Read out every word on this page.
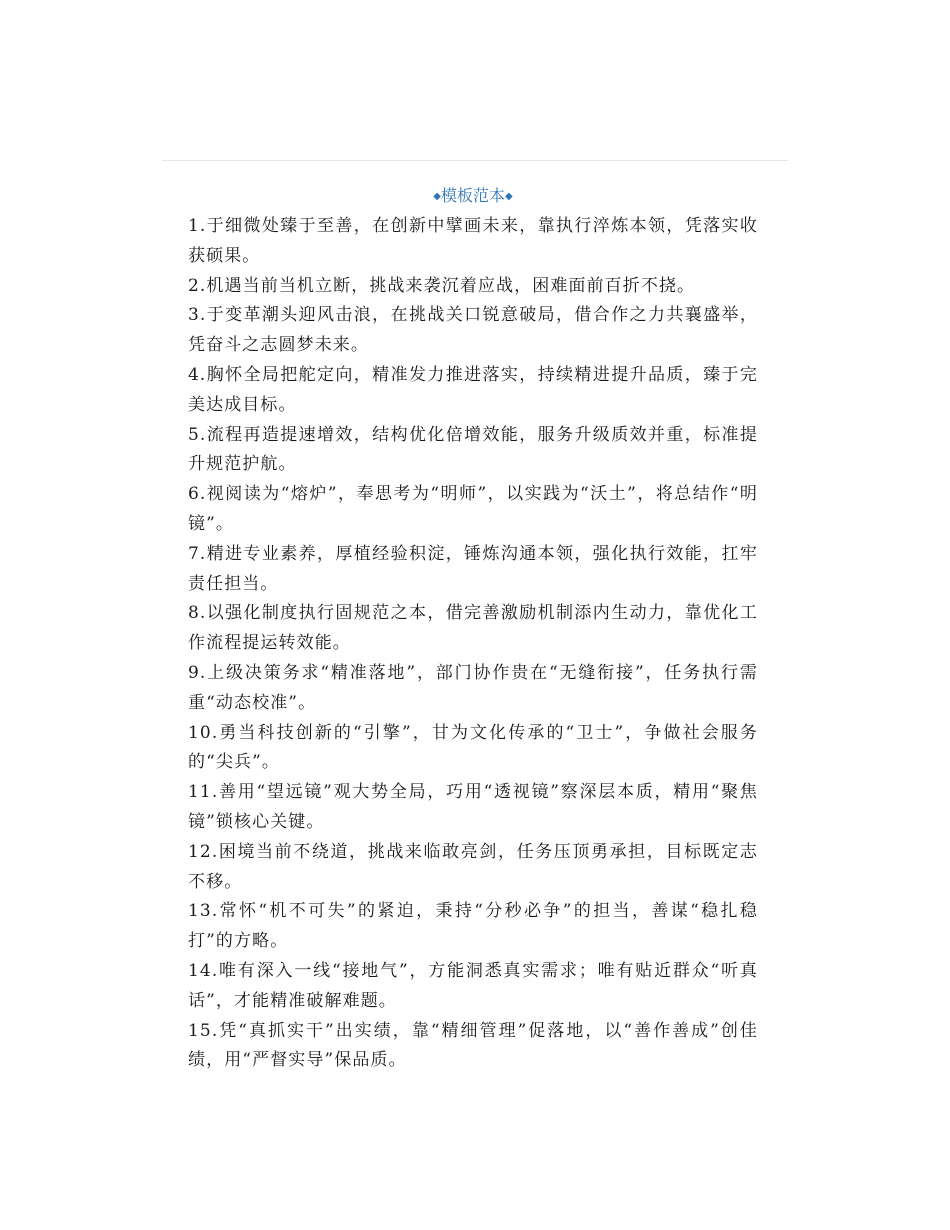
◆模板范本◆

1.于细微处臻于至善，在创新中擘画未来，靠执行淬炼本领，凭落实收获硕果。

2.机遇当前当机立断，挑战来袭沉着应战，困难面前百折不挠。

3.于变革潮头迎风击浪，在挑战关口锐意破局，借合作之力共襄盛举，凭奋斗之志圆梦未来。

4.胸怀全局把舵定向，精准发力推进落实，持续精进提升品质，臻于完美达成目标。

5.流程再造提速增效，结构优化倍增效能，服务升级质效并重，标准提升规范护航。

6.视阅读为“熔炉”，奉思考为“明师”，以实践为“沃土”，将总结作“明镜”。

7.精进专业素养，厚植经验积淀，锤炼沟通本领，强化执行效能，扛牢责任担当。

8.以强化制度执行固规范之本，借完善激励机制添内生动力，靠优化工作流程提运转效能。

9.上级决策务求“精准落地”，部门协作贵在“无缝衔接”，任务执行需重“动态校准”。

10.勇当科技创新的“引擎”，甘为文化传承的“卫士”，争做社会服务的“尖兵”。

11.善用“望远镜”观大势全局，巧用“透视镜”察深层本质，精用“聚焦镜”锁核心关键。

12.困境当前不绕道，挑战来临敢亮剑，任务压顶勇承担，目标既定志不移。

13.常怀“机不可失”的紧迫，秉持“分秒必争”的担当，善谋“稳扎稳打”的方略。

14.唯有深入一线“接地气”，方能洞悉真实需求；唯有贴近群众“听真话”，才能精准破解难题。

15.凭“真抓实干”出实绩，靠“精细管理”促落地，以“善作善成”创佳绩，用“严督实导”保品质。
